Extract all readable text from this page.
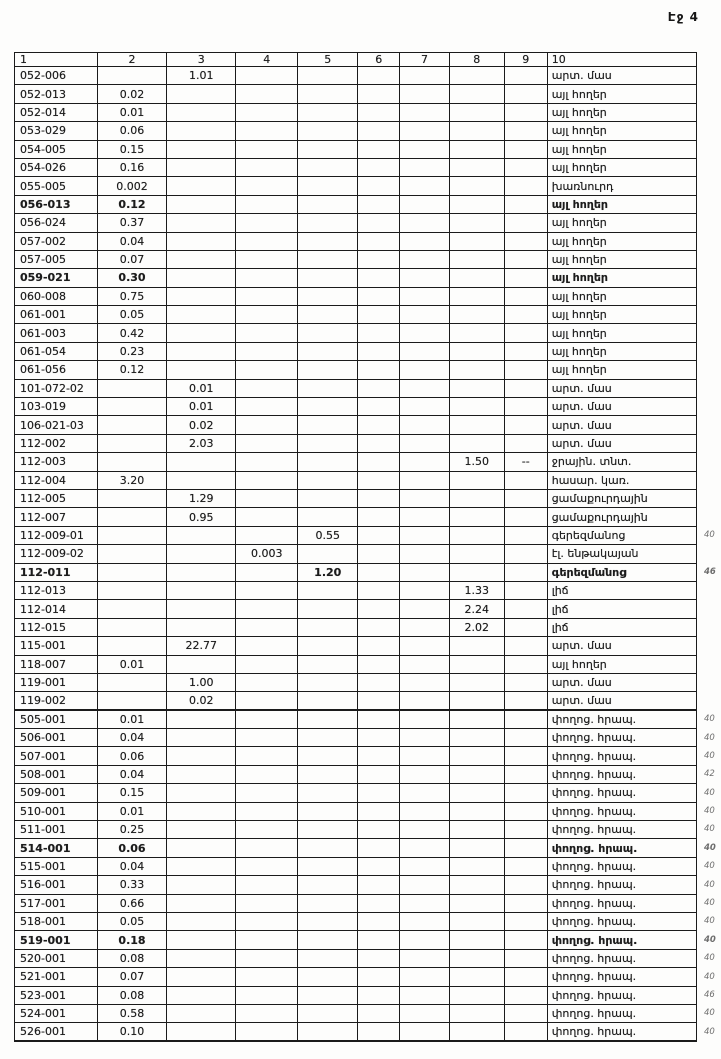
Էջ 4
1	2	3	4	5	6	7	8	9	10	
052-006		1.01							արտ. մաս	
052-013	0.02								այլ հողեր	
052-014	0.01								այլ հողեր	
053-029	0.06								այլ հողեր	
054-005	0.15								այլ հողեր	
054-026	0.16								այլ հողեր	
055-005	0.002								խառնուրդ	
056-013	0.12								այլ հողեր	
056-024	0.37								այլ հողեր	
057-002	0.04								այլ հողեր	
057-005	0.07								այլ հողեր	
059-021	0.30								այլ հողեր	
060-008	0.75								այլ հողեր	
061-001	0.05								այլ հողեր	
061-003	0.42								այլ հողեր	
061-054	0.23								այլ հողեր	
061-056	0.12								այլ հողեր	
101-072-02		0.01							արտ. մաս	
103-019		0.01							արտ. մաս	
106-021-03		0.02							արտ. մաս	
112-002		2.03							արտ. մաս	
112-003							1.50	--	ջրային. տնտ.	
112-004	3.20								հասար. կառ.	
112-005		1.29							ցամաքուրդային	
112-007		0.95							ցամաքուրդային	
112-009-01				0.55					գերեզմանոց	40
112-009-02			0.003						էլ. ենթակայան	
112-011				1.20					գերեզմանոց	46
112-013							1.33		լիճ	
112-014							2.24		լիճ	
112-015							2.02		լիճ	
115-001		22.77							արտ. մաս	
118-007	0.01								այլ հողեր	
119-001		1.00							արտ. մաս	
119-002		0.02							արտ. մաս	
505-001	0.01								փողոց. հրապ.	40
506-001	0.04								փողոց. հրապ.	40
507-001	0.06								փողոց. հրապ.	40
508-001	0.04								փողոց. հրապ.	42
509-001	0.15								փողոց. հրապ.	40
510-001	0.01								փողոց. հրապ.	40
511-001	0.25								փողոց. հրապ.	40
514-001	0.06								փողոց. հրապ.	40
515-001	0.04								փողոց. հրապ.	40
516-001	0.33								փողոց. հրապ.	40
517-001	0.66								փողոց. հրապ.	40
518-001	0.05								փողոց. հրապ.	40
519-001	0.18								փողոց. հրապ.	40
520-001	0.08								փողոց. հրապ.	40
521-001	0.07								փողոց. հրապ.	40
523-001	0.08								փողոց. հրապ.	46
524-001	0.58								փողոց. հրապ.	40
526-001	0.10								փողոց. հրապ.	40
